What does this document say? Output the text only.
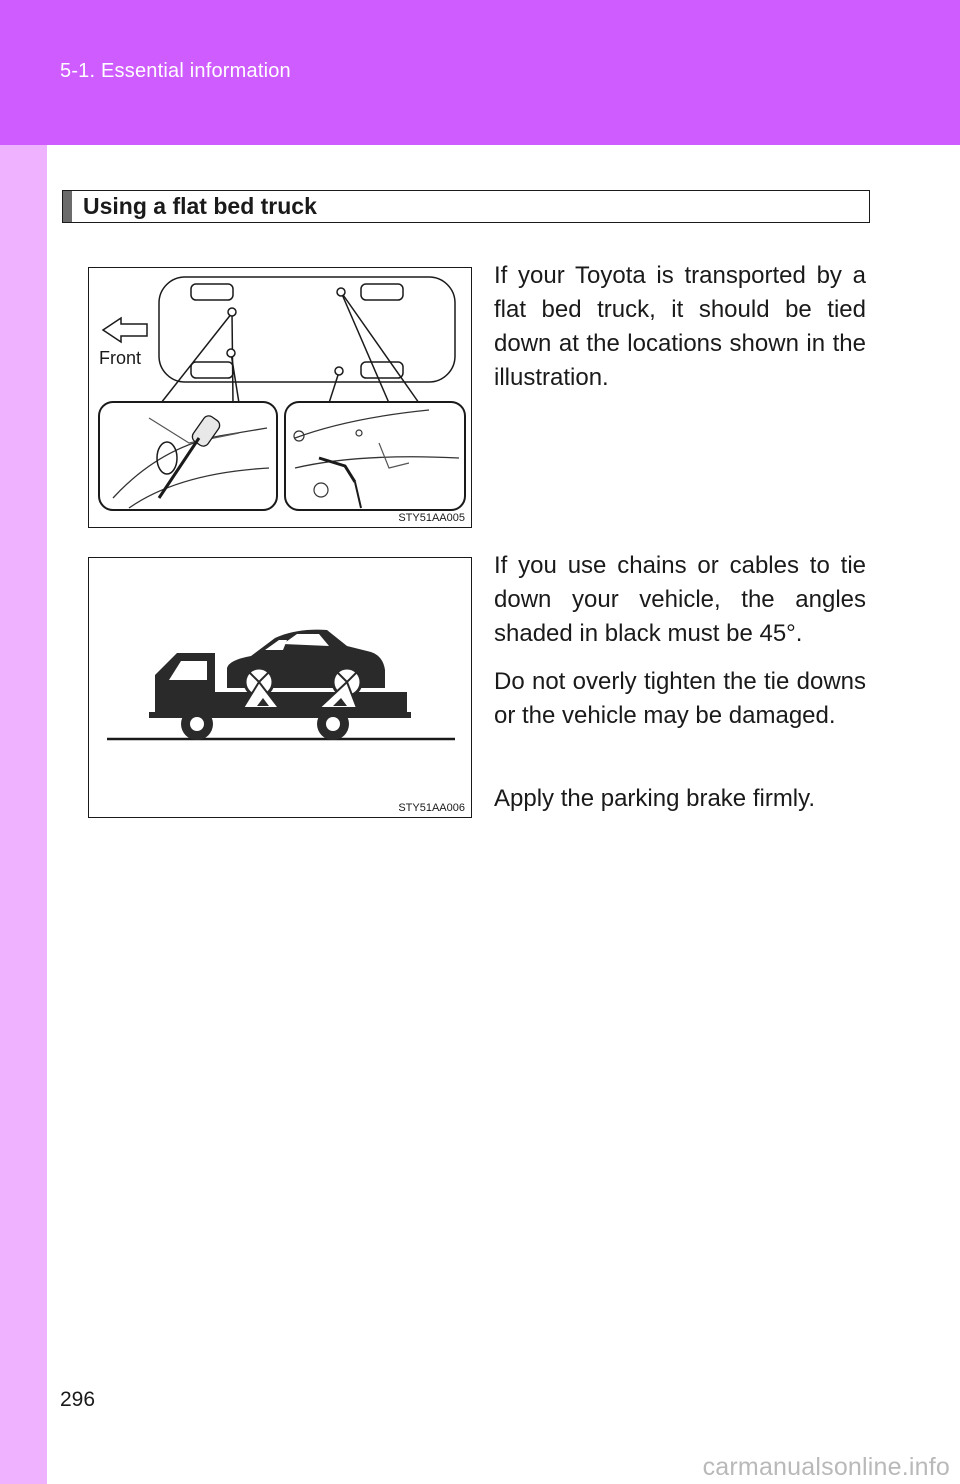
5-1. Essential information
Using a flat bed truck
Front
STY51AA005
STY51AA006

If your Toyota is transported by a flat bed truck, it should be tied down at the locations shown in the illustration.

If you use chains or cables to tie down your vehicle, the angles shaded in black must be 45°.

Do not overly tighten the tie downs or the vehicle may be damaged.

Apply the parking brake firmly.

296
carmanualsonline.info
